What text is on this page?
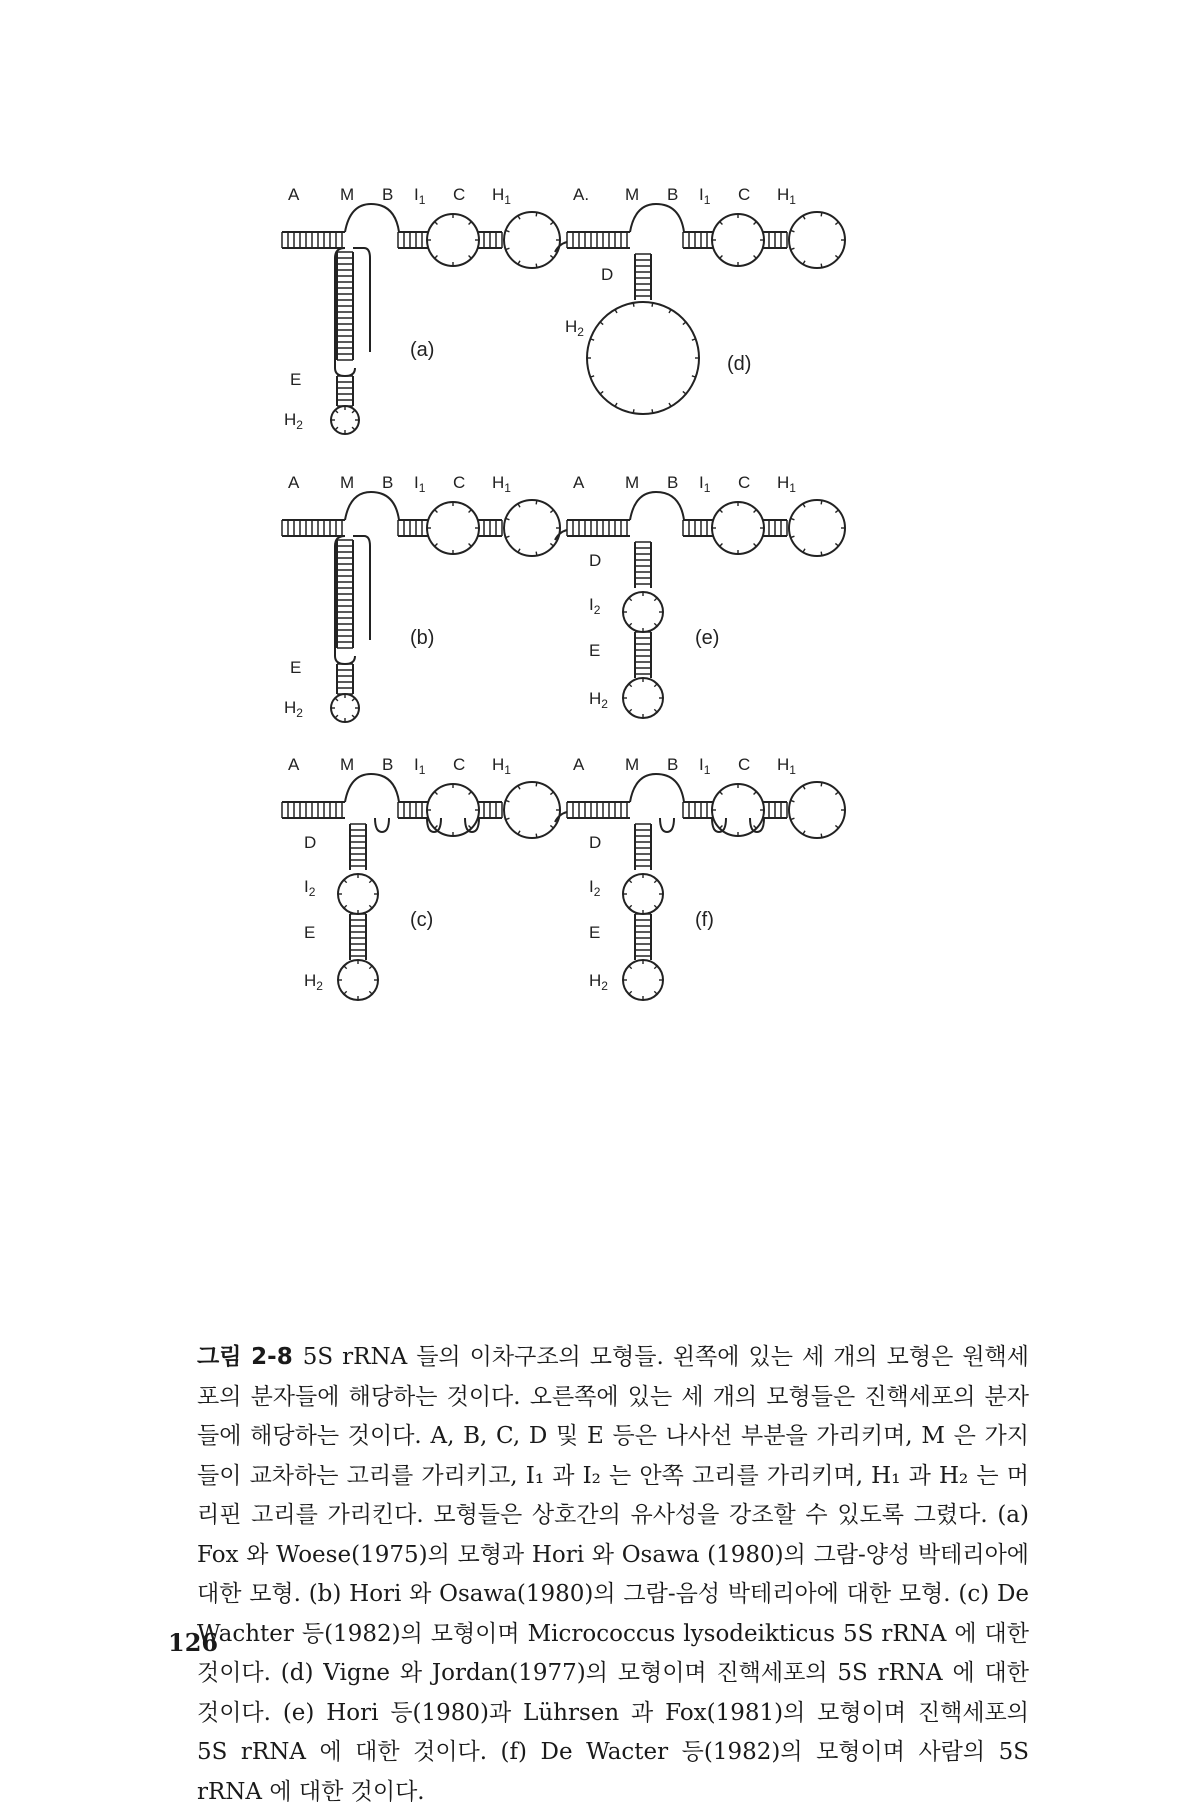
A M B $I_1$ C $H_1$
E
$H_2$
(a)
A. M B $I_1$ C $H_1$
D
$H_2$
(d)
A M B $I_1$ C $H_1$
E
$H_2$
(b)
A M B $I_1$ C $H_1$
D
$I_2$
E
$H_2$
(e)
A M B $I_1$ C $H_1$
D
$I_2$
E
$H_2$
(c)
A M B $I_1$ C $H_1$
D
$I_2$
E
$H_2$
(f)
그림 2-8 5S rRNA 들의 이차구조의 모형들. 왼쪽에 있는 세 개의 모형은 원핵세포의 분자들에 해당하는 것이다. 오른쪽에 있는 세 개의 모형들은 진핵세포의 분자들에 해당하는 것이다. A, B, C, D 및 E 등은 나사선 부분을 가리키며, M 은 가지들이 교차하는 고리를 가리키고, I₁ 과 I₂ 는 안쪽 고리를 가리키며, H₁ 과 H₂ 는 머리핀 고리를 가리킨다. 모형들은 상호간의 유사성을 강조할 수 있도록 그렸다. (a) Fox 와 Woese(1975)의 모형과 Hori 와 Osawa (1980)의 그람-양성 박테리아에 대한 모형. (b) Hori 와 Osawa(1980)의 그람-음성 박테리아에 대한 모형. (c) De Wachter 등(1982)의 모형이며 Micrococcus lysodeikticus 5S rRNA 에 대한 것이다. (d) Vigne 와 Jordan(1977)의 모형이며 진핵세포의 5S rRNA 에 대한 것이다. (e) Hori 등(1980)과 Lührsen 과 Fox(1981)의 모형이며 진핵세포의 5S rRNA 에 대한 것이다. (f) De Wacter 등(1982)의 모형이며 사람의 5S rRNA 에 대한 것이다.
126
